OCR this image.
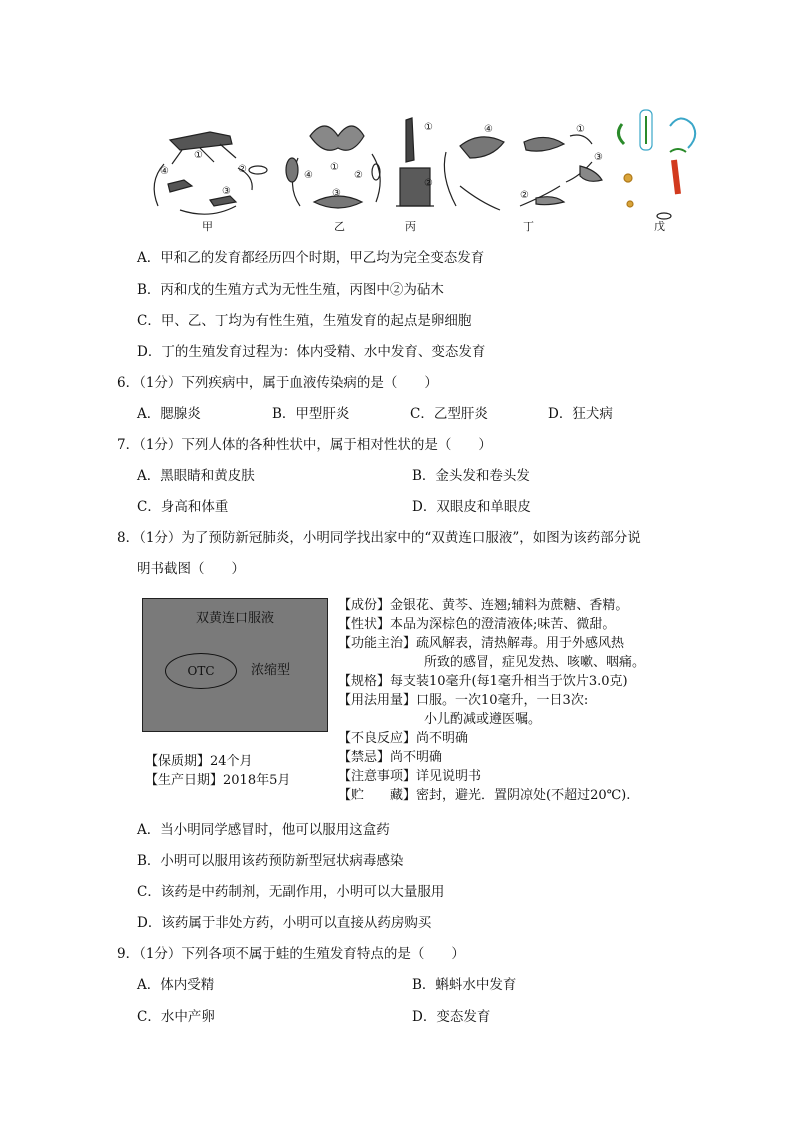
①
②
③
④	①
②
③
④
①
②
④	①
③
②
甲	乙	丙	丁	戊
A．甲和乙的发育都经历四个时期，甲乙均为完全变态发育
B．丙和戊的生殖方式为无性生殖，丙图中②为砧木
C．甲、乙、丁均为有性生殖，生殖发育的起点是卵细胞
D．丁的生殖发育过程为：体内受精、水中发育、变态发育
6．（1分）下列疾病中，属于血液传染病的是（　　）
A．腮腺炎	B．甲型肝炎	C．乙型肝炎	D．狂犬病
7．（1分）下列人体的各种性状中，属于相对性状的是（　　）
A．黑眼睛和黄皮肤	B．金头发和卷头发
C．身高和体重	D．双眼皮和单眼皮
8．（1分）为了预防新冠肺炎，小明同学找出家中的“双黄连口服液”，如图为该药部分说
明书截图（　　）
双黄连口服液
OTC	浓缩型
【保质期】24个月
【生产日期】2018年5月
【成份】金银花、黄芩、连翘;辅料为蔗糖、香精。
【性状】本品为深棕色的澄清液体;味苦、微甜。
【功能主治】疏风解表，清热解毒。用于外感风热
所致的感冒，症见发热、咳嗽、咽痛。
【规格】每支装10毫升(每1毫升相当于饮片3.0克)
【用法用量】口服。一次10毫升，一日3次:
小儿酌减或遵医嘱。
【不良反应】尚不明确
【禁忌】尚不明确
【注意事项】详见说明书
【贮　　藏】密封，避光．置阴凉处(不超过20℃).
A．当小明同学感冒时，他可以服用这盒药
B．小明可以服用该药预防新型冠状病毒感染
C．该药是中药制剂，无副作用，小明可以大量服用
D．该药属于非处方药，小明可以直接从药房购买
9．（1分）下列各项不属于蛙的生殖发育特点的是（　　）
A．体内受精	B．蝌蚪水中发育
C．水中产卵	D．变态发育
